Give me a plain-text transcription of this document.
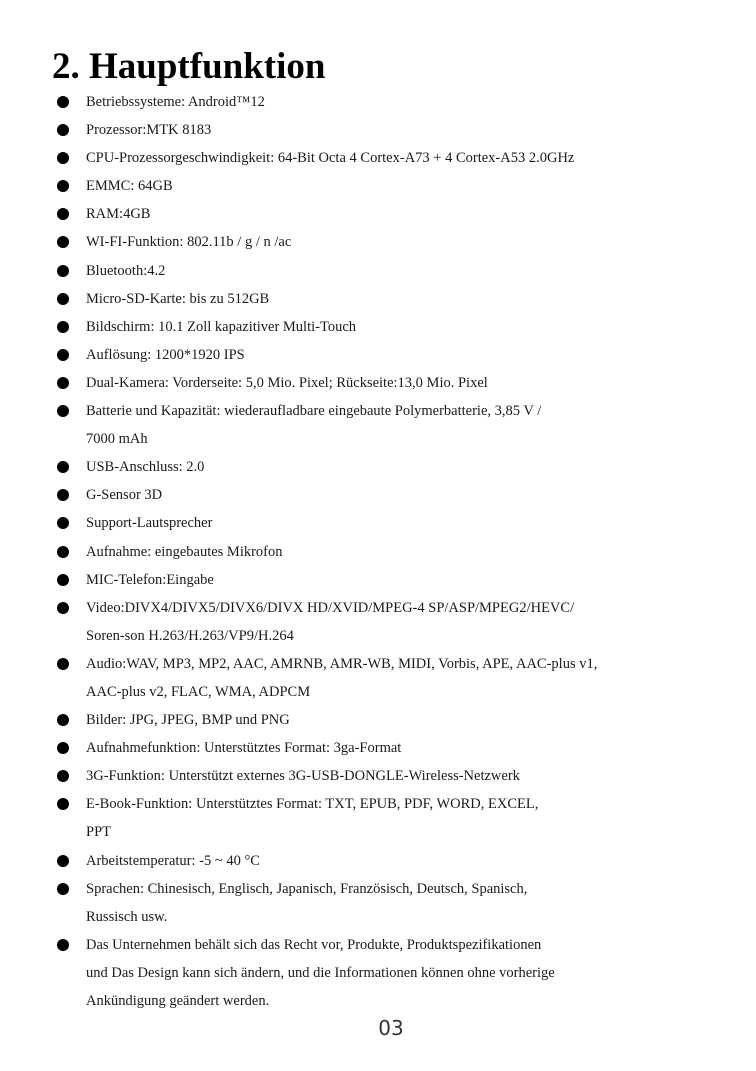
2. Hauptfunktion
Betriebssysteme: Android™12
Prozessor:MTK 8183
CPU-Prozessorgeschwindigkeit: 64-Bit Octa 4 Cortex-A73 + 4 Cortex-A53 2.0GHz
EMMC: 64GB
RAM:4GB
WI-FI-Funktion: 802.11b / g / n /ac
Bluetooth:4.2
Micro-SD-Karte: bis zu 512GB
Bildschirm: 10.1 Zoll kapazitiver Multi-Touch
Auflösung: 1200*1920 IPS
Dual-Kamera: Vorderseite: 5,0 Mio. Pixel; Rückseite:13,0 Mio. Pixel
Batterie und Kapazität: wiederaufladbare eingebaute Polymerbatterie, 3,85 V /
7000 mAh
USB-Anschluss: 2.0
G-Sensor 3D
Support-Lautsprecher
Aufnahme: eingebautes Mikrofon
MIC-Telefon:Eingabe
Video:DIVX4/DIVX5/DIVX6/DIVX HD/XVID/MPEG-4 SP/ASP/MPEG2/HEVC/
Soren-son H.263/H.263/VP9/H.264
Audio:WAV, MP3, MP2, AAC, AMRNB, AMR-WB, MIDI, Vorbis, APE, AAC-plus v1,
AAC-plus v2, FLAC, WMA, ADPCM
Bilder: JPG, JPEG, BMP und PNG
Aufnahmefunktion: Unterstütztes Format: 3ga-Format
3G-Funktion: Unterstützt externes 3G-USB-DONGLE-Wireless-Netzwerk
E-Book-Funktion: Unterstütztes Format: TXT, EPUB, PDF, WORD, EXCEL,
PPT
Arbeitstemperatur: -5 ~ 40 °C
Sprachen: Chinesisch, Englisch, Japanisch, Französisch, Deutsch, Spanisch,
Russisch usw.
Das Unternehmen behält sich das Recht vor, Produkte, Produktspezifikationen
und Das Design kann sich ändern, und die Informationen können ohne vorherige
Ankündigung geändert werden.
03
